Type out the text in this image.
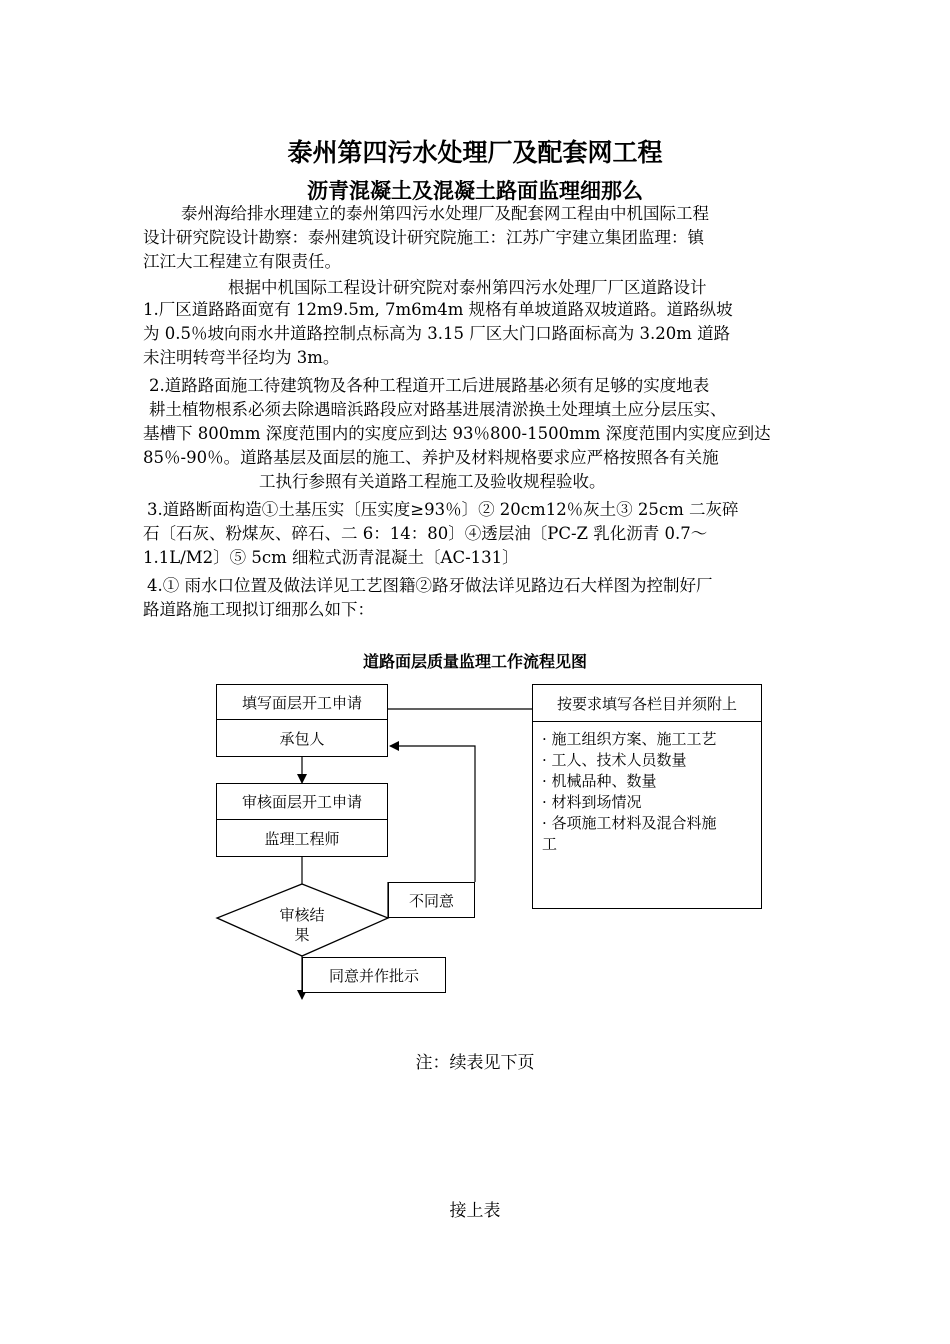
泰州第四污水处理厂及配套网工程
沥青混凝土及混凝土路面监理细那么
泰州海给排水理建立的泰州第四污水处理厂及配套网工程由中机国际工程
设计研究院设计勘察：泰州建筑设计研究院施工：江苏广宇建立集团监理：镇
江江大工程建立有限责任。
根据中机国际工程设计研究院对泰州第四污水处理厂厂区道路设计
1.厂区道路路面宽有 12m9.5m, 7m6m4m 规格有单坡道路双坡道路。道路纵坡
为 0.5％坡向雨水井道路控制点标高为 3.15 厂区大门口路面标高为 3.20m 道路
未注明转弯半径均为 3m。
2.道路路面施工待建筑物及各种工程道开工后进展路基必须有足够的实度地表
耕土植物根系必须去除遇暗浜路段应对路基进展清淤换土处理填土应分层压实、
基槽下 800mm 深度范围内的实度应到达 93％800-1500mm 深度范围内实度应到达
85％-90％。道路基层及面层的施工、养护及材料规格要求应严格按照各有关施
工执行参照有关道路工程施工及验收规程验收。
3.道路断面构造①土基压实〔压实度≥93％〕② 20cm12％灰土③ 25cm 二灰碎
石〔石灰、粉煤灰、碎石、二 6：14：80〕④透层油〔PC-Z 乳化沥青 0.7～
1.1L/M2〕⑤ 5cm 细粒式沥青混凝土〔AC-131〕
4.① 雨水口位置及做法详见工艺图籍②路牙做法详见路边石大样图为控制好厂
路道路施工现拟订细那么如下：
道路面层质量监理工作流程见图
填写面层开工申请
承包人
审核面层开工申请
监理工程师
审核结
果
不同意
同意并作批示
按要求填写各栏目并须附上
· 施工组织方案、施工工艺
· 工人、技术人员数量
· 机械品种、数量
· 材料到场情况
· 各项施工材料及混合料施
工
注：续表见下页
接上表
